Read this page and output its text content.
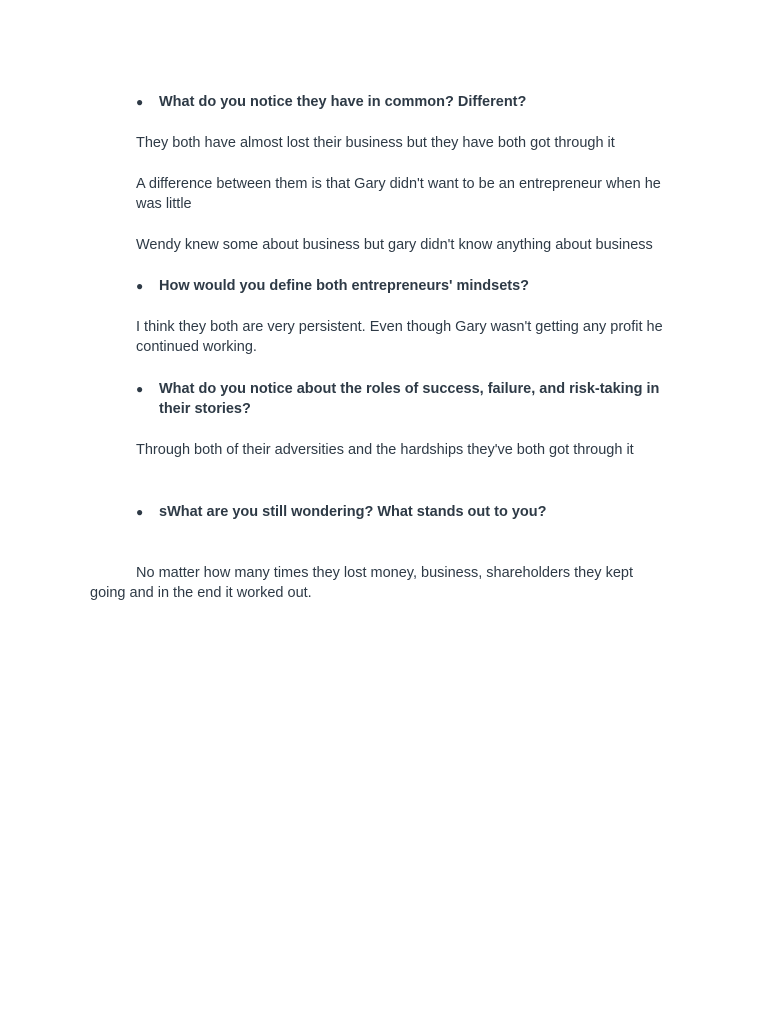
●	What do you notice they have in common? Different?
They both have almost lost their business but they have both got through it
A difference between them is that Gary didn't want to be an entrepreneur when he was little
Wendy knew some about business but gary didn't know anything about business
●	How would you define both entrepreneurs' mindsets?
I think they both are very persistent. Even though Gary wasn't getting any profit he continued working.
●	What do you notice about the roles of success, failure, and risk-taking in their stories?
Through both of their adversities and the hardships they've both got through it
●	sWhat are you still wondering? What stands out to you?
No matter how many times they lost money, business, shareholders they kept going and in the end it worked out.
